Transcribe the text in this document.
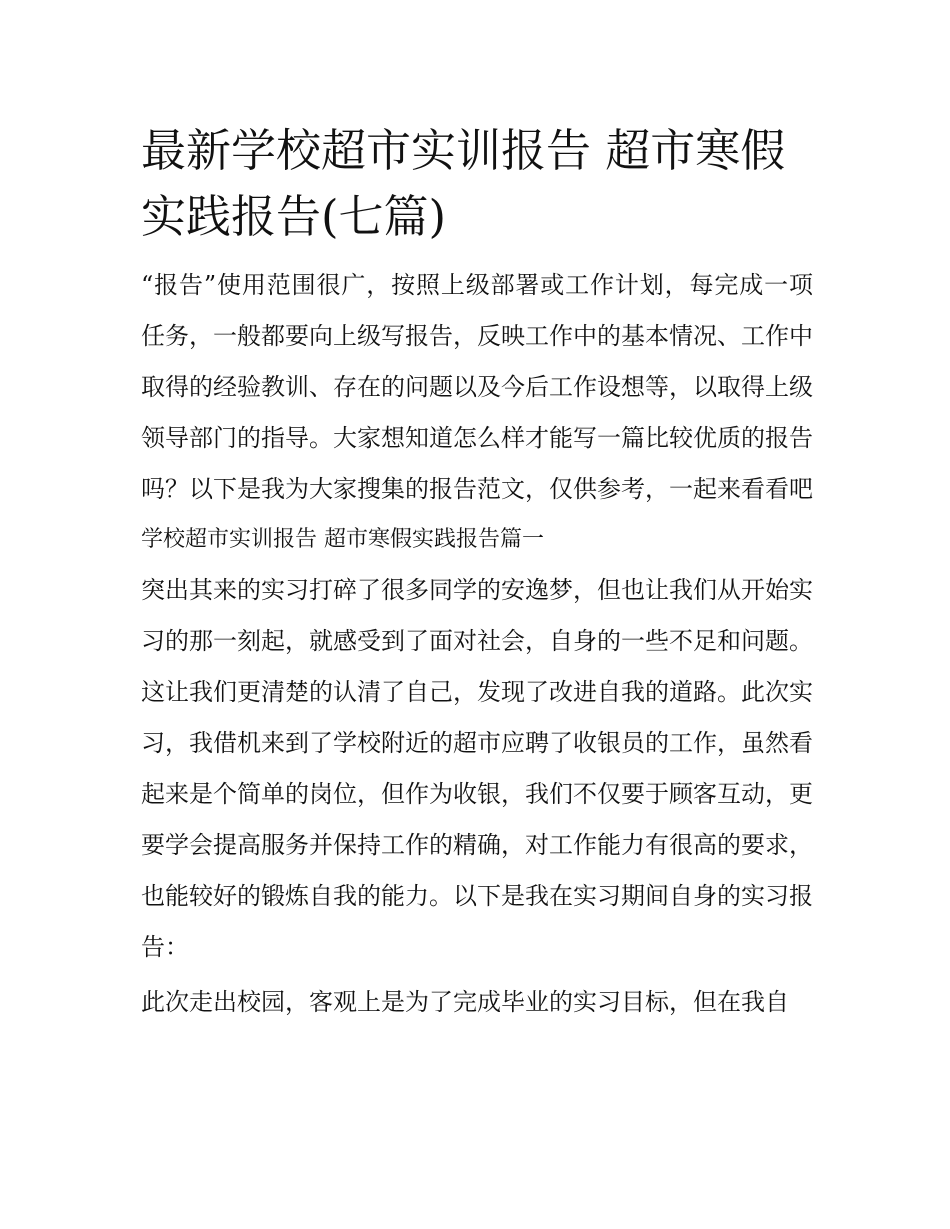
最新学校超市实训报告 超市寒假实践报告(七篇)

“报告”使用范围很广，按照上级部署或工作计划，每完成一项任务，一般都要向上级写报告，反映工作中的基本情况、工作中取得的经验教训、存在的问题以及今后工作设想等，以取得上级领导部门的指导。大家想知道怎么样才能写一篇比较优质的报告吗？以下是我为大家搜集的报告范文，仅供参考，一起来看看吧

学校超市实训报告 超市寒假实践报告篇一

突出其来的实习打碎了很多同学的安逸梦，但也让我们从开始实习的那一刻起，就感受到了面对社会，自身的一些不足和问题。这让我们更清楚的认清了自己，发现了改进自我的道路。此次实习，我借机来到了学校附近的超市应聘了收银员的工作，虽然看起来是个简单的岗位，但作为收银，我们不仅要于顾客互动，更要学会提高服务并保持工作的精确，对工作能力有很高的要求，也能较好的锻炼自我的能力。以下是我在实习期间自身的实习报告：

此次走出校园，客观上是为了完成毕业的实习目标，但在我自
